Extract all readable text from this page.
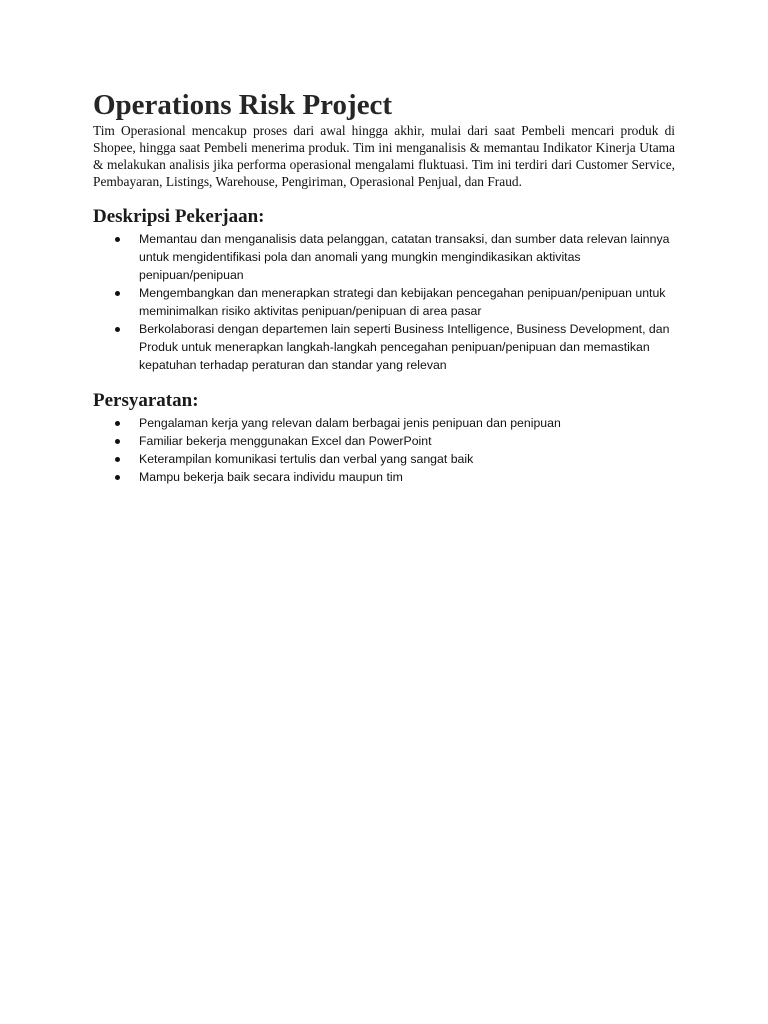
Operations Risk Project

Tim Operasional mencakup proses dari awal hingga akhir, mulai dari saat Pembeli mencari produk di Shopee, hingga saat Pembeli menerima produk. Tim ini menganalisis & memantau Indikator Kinerja Utama & melakukan analisis jika performa operasional mengalami fluktuasi. Tim ini terdiri dari Customer Service, Pembayaran, Listings, Warehouse, Pengiriman, Operasional Penjual, dan Fraud.

Deskripsi Pekerjaan:
Memantau dan menganalisis data pelanggan, catatan transaksi, dan sumber data relevan lainnya untuk mengidentifikasi pola dan anomali yang mungkin mengindikasikan aktivitas penipuan/penipuan
Mengembangkan dan menerapkan strategi dan kebijakan pencegahan penipuan/penipuan untuk meminimalkan risiko aktivitas penipuan/penipuan di area pasar
Berkolaborasi dengan departemen lain seperti Business Intelligence, Business Development, dan Produk untuk menerapkan langkah-langkah pencegahan penipuan/penipuan dan memastikan kepatuhan terhadap peraturan dan standar yang relevan
Persyaratan:
Pengalaman kerja yang relevan dalam berbagai jenis penipuan dan penipuan
Familiar bekerja menggunakan Excel dan PowerPoint
Keterampilan komunikasi tertulis dan verbal yang sangat baik
Mampu bekerja baik secara individu maupun tim
